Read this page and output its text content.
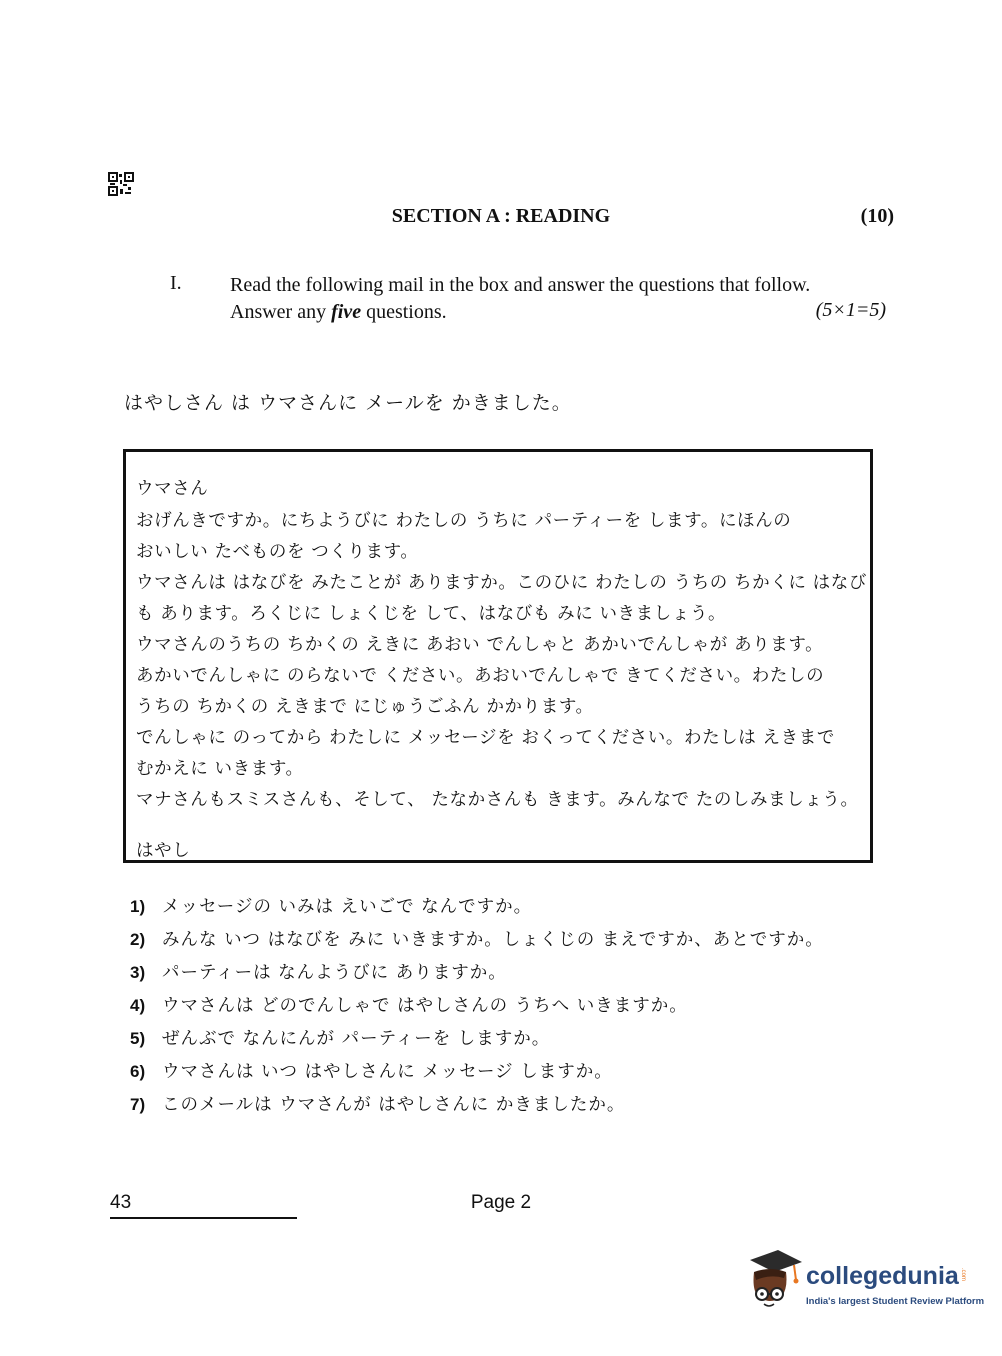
SECTION A : READING	(10)
I. Read the following mail in the box and answer the questions that follow. Answer any five questions.	(5×1=5)
はやしさん は ウマさんに メールを かきました。
ウマさん
おげんきですか。にちようびに わたしの うちに パーティーを します。にほんの
おいしい たべものを つくります。
ウマさんは はなびを みたことが ありますか。このひに わたしの うちの ちかくに はなび
も あります。ろくじに しょくじを して、はなびも みに いきましょう。
ウマさんのうちの ちかくの えきに あおい でんしゃと あかいでんしゃが あります。
あかいでんしゃに のらないで ください。あおいでんしゃで きてください。わたしの
うちの ちかくの えきまで にじゅうごふん かかります。
でんしゃに のってから わたしに メッセージを おくってください。わたしは えきまで
むかえに いきます。
マナさんもスミスさんも、そして、 たなかさんも きます。みんなで たのしみましょう。
はやし
1) メッセージの いみは えいごで なんですか。
2) みんな いつ はなびを みに いきますか。しょくじの まえですか、あとですか。
3) パーティーは なんようびに ありますか。
4) ウマさんは どのでんしゃで はやしさんの うちへ いきますか。
5) ぜんぶで なんにんが パーティーを しますか。
6) ウマさんは いつ はやしさんに メッセージ しますか。
7) このメールは ウマさんが はやしさんに かきましたか。
43	Page 2
collegedunia .com
India's largest Student Review Platform
